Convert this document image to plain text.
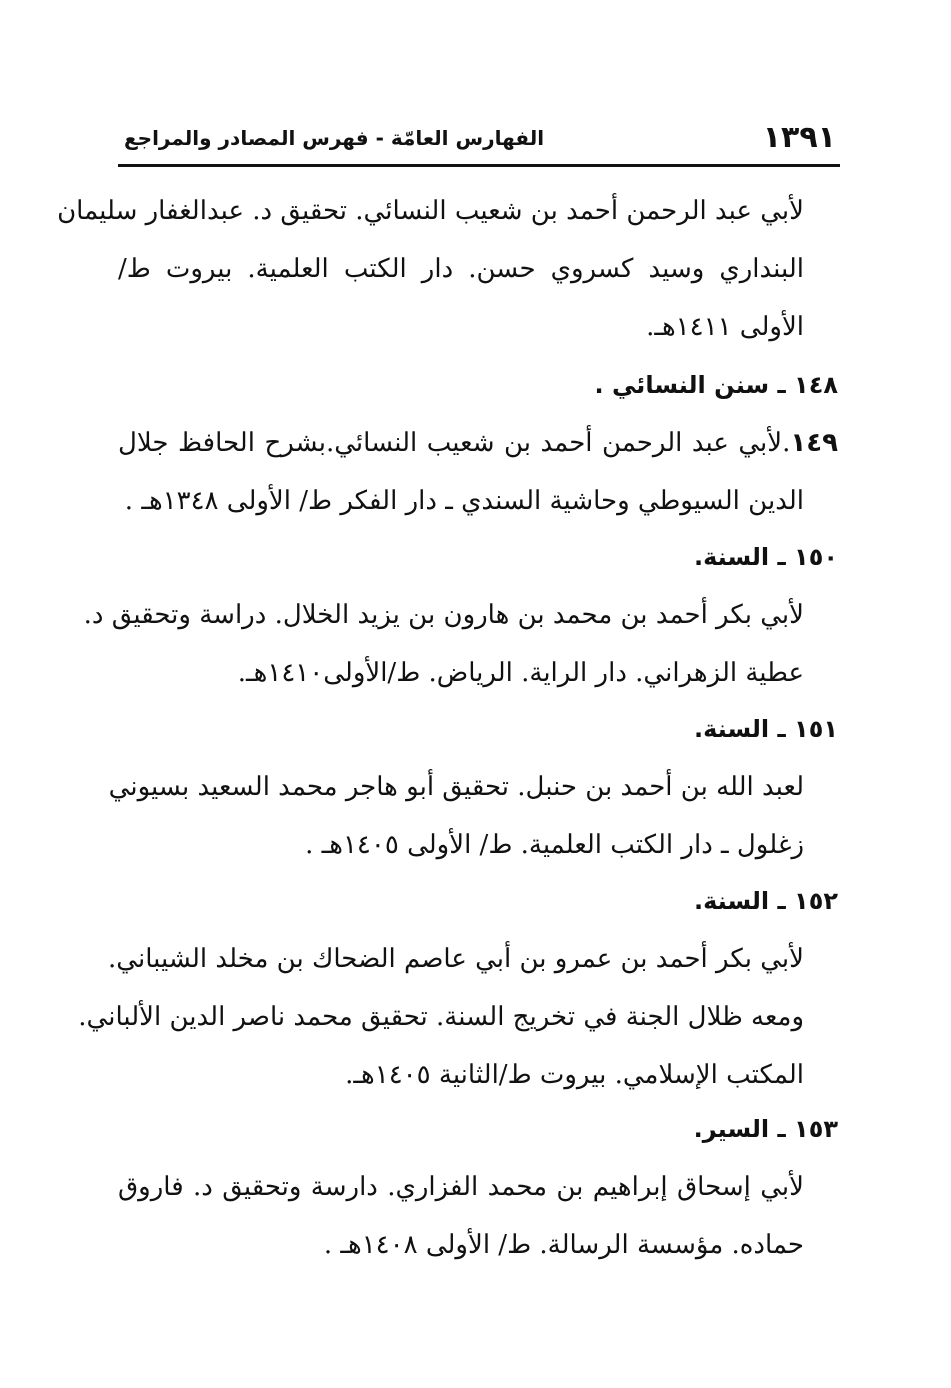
١٣٩١
الفهارس العامّة - فهرس المصادر والمراجع
لأبي عبد الرحمن أحمد بن شعيب النسائي. تحقيق د. عبدالغفار سليمان
البنداري وسيد كسروي حسن. دار الكتب العلمية. بيروت ط/
الأولى ١٤١١هـ.
١٤٨ ـ سنن النسائي .
١٤٩.لأبي عبد الرحمن أحمد بن شعيب النسائي.بشرح الحافظ جلال
الدين السيوطي وحاشية السندي ـ دار الفكر ط/ الأولى ١٣٤٨هـ .
١٥٠ ـ السنة.
لأبي بكر أحمد بن محمد بن هارون بن يزيد الخلال. دراسة وتحقيق د.
عطية الزهراني. دار الراية. الرياض. ط/الأولى١٤١٠هـ.
١٥١ ـ السنة.
لعبد الله بن أحمد بن حنبل. تحقيق أبو هاجر محمد السعيد بسيوني
زغلول ـ دار الكتب العلمية. ط/ الأولى ١٤٠٥هـ .
١٥٢ ـ السنة.
لأبي بكر أحمد بن عمرو بن أبي عاصم الضحاك بن مخلد الشيباني.
ومعه ظلال الجنة في تخريج السنة. تحقيق محمد ناصر الدين الألباني.
المكتب الإسلامي. بيروت ط/الثانية ١٤٠٥هـ.
١٥٣ ـ السير.
لأبي إسحاق إبراهيم بن محمد الفزاري. دارسة وتحقيق د. فاروق
حماده. مؤسسة الرسالة. ط/ الأولى ١٤٠٨هـ .
